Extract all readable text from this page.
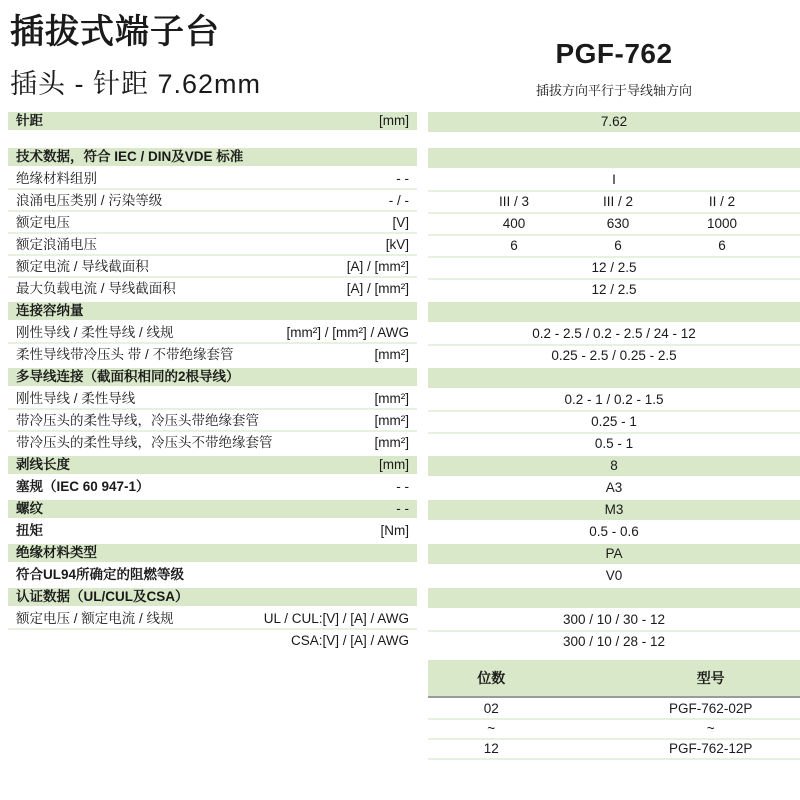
插拔式端子台
插头 - 针距 7.62mm
PGF-762
插拔方向平行于导线轴方向
针距	[mm]	7.62
技术数据，符合 IEC / DIN及VDE 标准
绝缘材料组别	- -	I
浪涌电压类别 / 污染等级	- / -	III / 3	III / 2	II / 2
额定电压	[V]	400	630	1000
额定浪涌电压	[kV]	6	6	6
额定电流 / 导线截面积	[A] / [mm²]	12 / 2.5
最大负载电流 / 导线截面积	[A] / [mm²]	12 / 2.5
连接容纳量
刚性导线 / 柔性导线 / 线规	[mm²] / [mm²] / AWG	0.2 - 2.5 / 0.2 - 2.5 / 24 - 12
柔性导线带冷压头 带 / 不带绝缘套管	[mm²]	0.25 - 2.5 / 0.25 - 2.5
多导线连接（截面积相同的2根导线）
刚性导线 / 柔性导线	[mm²]	0.2 - 1 / 0.2 - 1.5
带冷压头的柔性导线，冷压头带绝缘套管	[mm²]	0.25 - 1
带冷压头的柔性导线，冷压头不带绝缘套管	[mm²]	0.5 - 1
剥线长度	[mm]	8
塞规（IEC 60 947-1）	- -	A3
螺纹	- -	M3
扭矩	[Nm]	0.5 - 0.6
绝缘材料类型	PA
符合UL94所确定的阻燃等级	V0
认证数据（UL/CUL及CSA）
额定电压 / 额定电流 / 线规	UL / CUL:[V] / [A] / AWG	300 / 10 / 30 - 12
CSA:[V] / [A] / AWG	300 / 10 / 28 - 12
位数	型号
02	PGF-762-02P
~	~
12	PGF-762-12P
